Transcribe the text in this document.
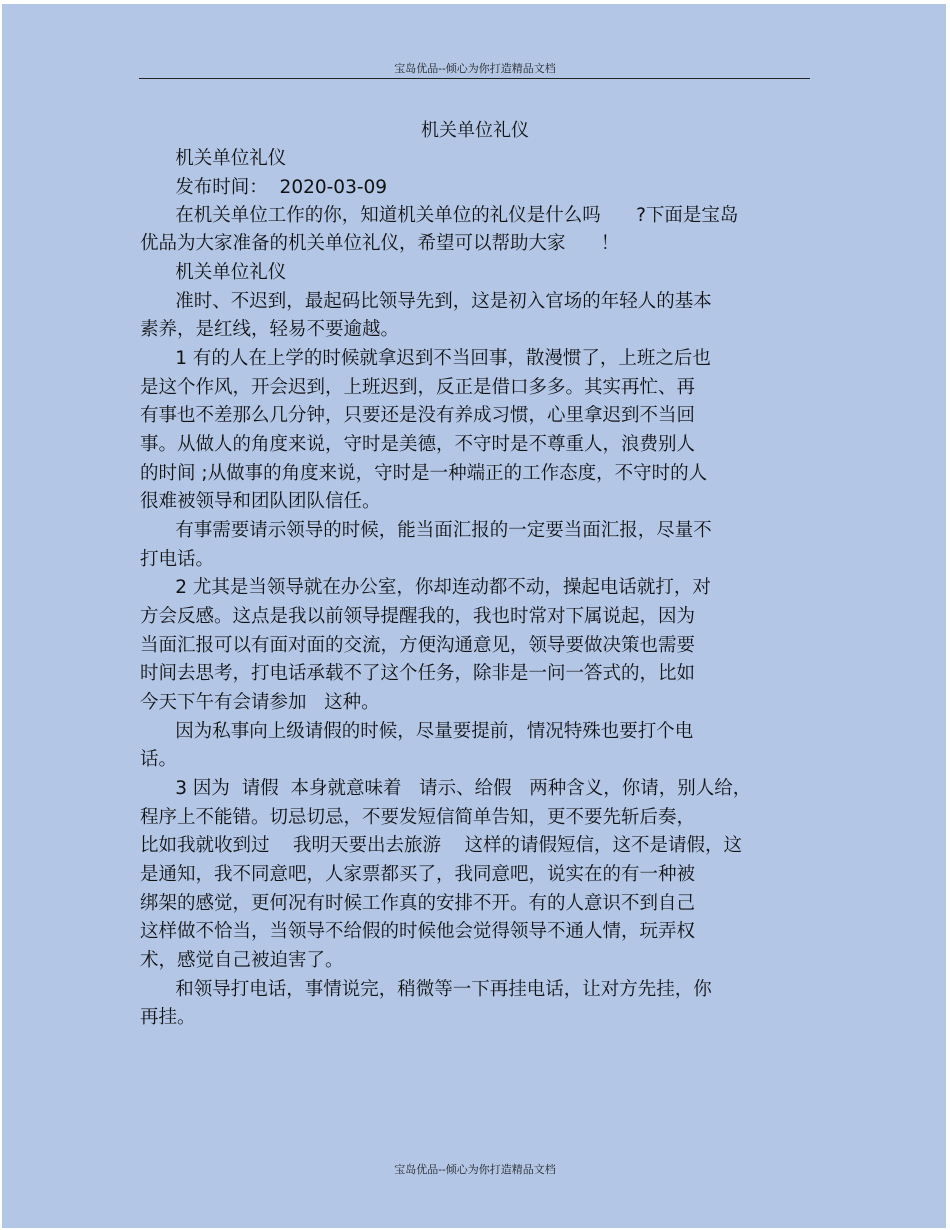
宝岛优品--倾心为你打造精品文档
机关单位礼仪
机关单位礼仪
发布时间：  2020-03-09
在机关单位工作的你，知道机关单位的礼仪是什么吗      ?下面是宝岛
优品为大家准备的机关单位礼仪，希望可以帮助大家      ！
机关单位礼仪
准时、不迟到，最起码比领导先到，这是初入官场的年轻人的基本
素养，是红线，轻易不要逾越。
1 有的人在上学的时候就拿迟到不当回事，散漫惯了，上班之后也
是这个作风，开会迟到，上班迟到，反正是借口多多。其实再忙、再
有事也不差那么几分钟，只要还是没有养成习惯，心里拿迟到不当回
事。从做人的角度来说，守时是美德，不守时是不尊重人，浪费别人
的时间 ;从做事的角度来说，守时是一种端正的工作态度，不守时的人
很难被领导和团队团队信任。
有事需要请示领导的时候，能当面汇报的一定要当面汇报，尽量不
打电话。
2 尤其是当领导就在办公室，你却连动都不动，操起电话就打，对
方会反感。这点是我以前领导提醒我的，我也时常对下属说起，因为
当面汇报可以有面对面的交流，方便沟通意见，领导要做决策也需要
时间去思考，打电话承载不了这个任务，除非是一问一答式的，比如
今天下午有会请参加   这种。
因为私事向上级请假的时候，尽量要提前，情况特殊也要打个电
话。
3 因为  请假  本身就意味着   请示、给假   两种含义，你请，别人给，
程序上不能错。切忌切忌，不要发短信简单告知，更不要先斩后奏，
比如我就收到过    我明天要出去旅游    这样的请假短信，这不是请假，这
是通知，我不同意吧，人家票都买了，我同意吧，说实在的有一种被
绑架的感觉，更何况有时候工作真的安排不开。有的人意识不到自己
这样做不恰当，当领导不给假的时候他会觉得领导不通人情，玩弄权
术，感觉自己被迫害了。
和领导打电话，事情说完，稍微等一下再挂电话，让对方先挂，你
再挂。
宝岛优品--倾心为你打造精品文档
